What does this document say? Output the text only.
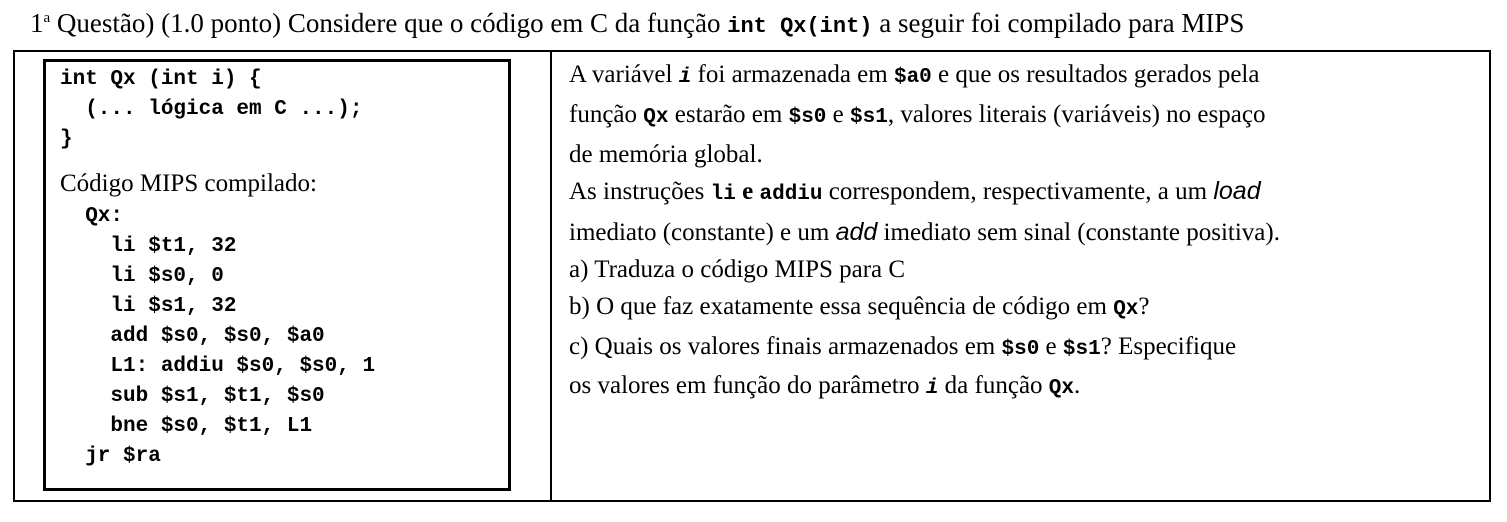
1$^a$ Questão) (1.0 ponto) Considere que o código em C da função int Qx(int) a seguir foi compilado para MIPS
int Qx (int i) {
(... lógica em C ...);
}
Código MIPS compilado:
Qx:
li $t1, 32
li $s0, 0
li $s1, 32
add $s0, $s0, $a0
L1: addiu $s0, $s0, 1
sub $s1, $t1, $s0
bne $s0, $t1, L1
jr $ra

A variável i foi armazenada em $a0 e que os resultados gerados pela

função Qx estarão em $s0 e $s1, valores literais (variáveis) no espaço

de memória global.

As instruções li e addiu correspondem, respectivamente, a um load

imediato (constante) e um add imediato sem sinal (constante positiva).

a) Traduza o código MIPS para C

b) O que faz exatamente essa sequência de código em Qx?

c) Quais os valores finais armazenados em $s0 e $s1? Especifique

os valores em função do parâmetro i da função Qx.
